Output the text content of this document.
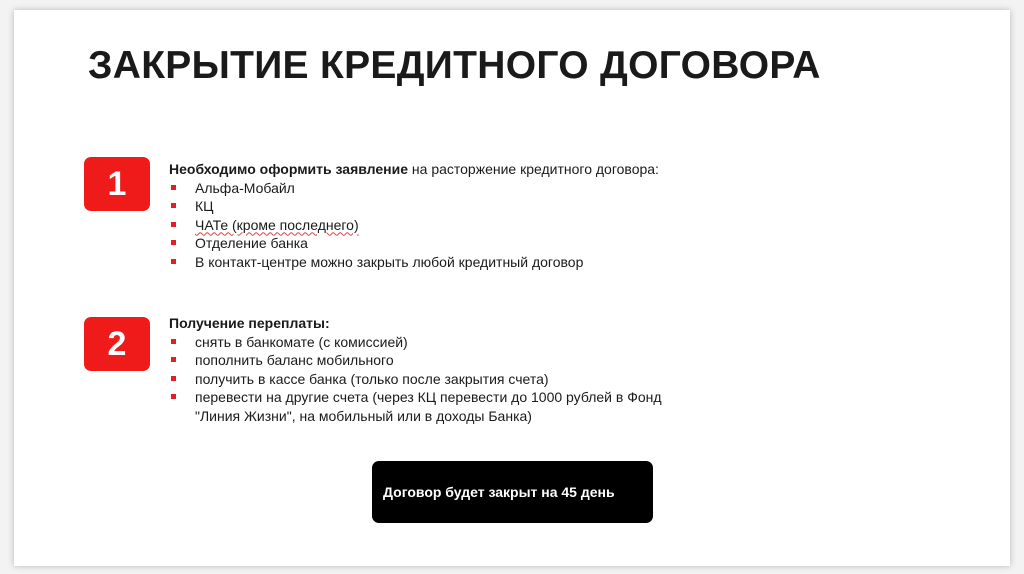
ЗАКРЫТИЕ КРЕДИТНОГО ДОГОВОРА
1	Необходимо оформить заявление на расторжение кредитного договора:
Альфа-Мобайл
КЦ
ЧАТе (кроме последнего)
Отделение банка
В контакт-центре можно закрыть любой кредитный договор
2
Получение переплаты:
снять в банкомате (с комиссией)
пополнить баланс мобильного
получить в кассе банка (только после закрытия счета)
перевести на другие счета (через КЦ перевести до 1000 рублей в Фонд
"Линия Жизни", на мобильный или в доходы Банка)
Договор будет закрыт на 45 день
